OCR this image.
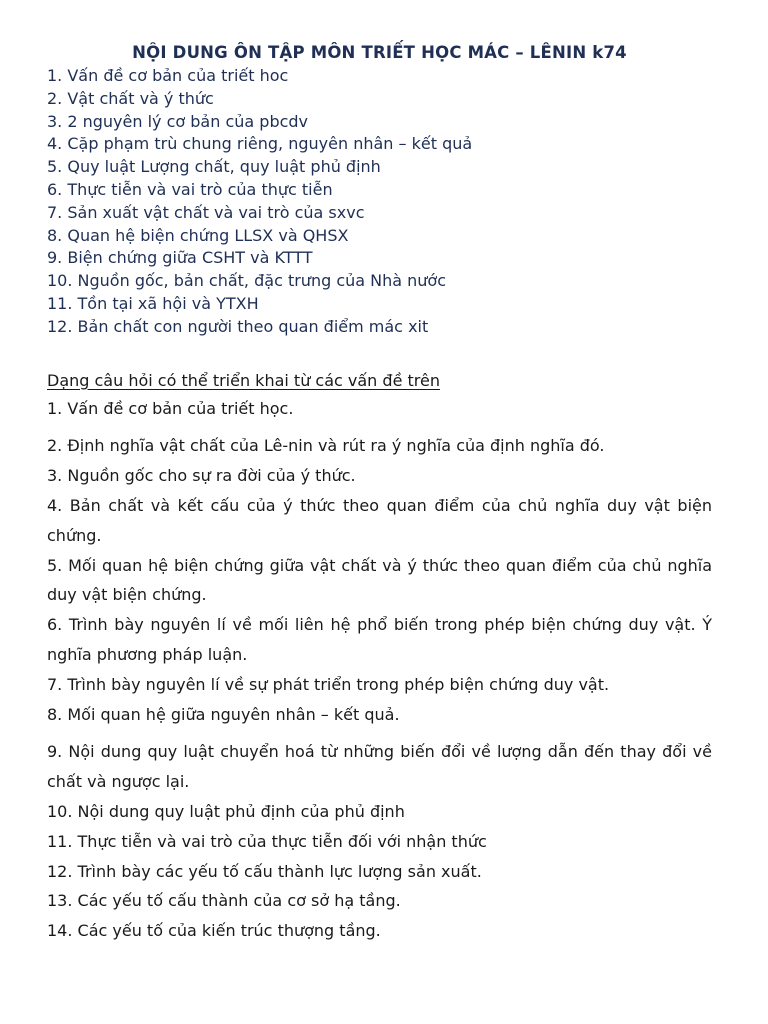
NỘI DUNG ÔN TẬP MÔN TRIẾT HỌC MÁC – LÊNIN k74
1. Vấn đề cơ bản của triết hoc
2. Vật chất và ý thức
3. 2 nguyên lý cơ bản của pbcdv
4. Cặp phạm trù chung riêng, nguyên nhân – kết quả
5. Quy luật Lượng chất, quy luật phủ định
6. Thực tiễn và vai trò của thực tiễn
7. Sản xuất vật chất và vai trò của sxvc
8. Quan hệ biện chứng LLSX và QHSX
9. Biện chứng giữa CSHT và KTTT
10. Nguồn gốc, bản chất, đặc trưng của Nhà nước
11. Tồn tại xã hội và YTXH
12. Bản chất con người theo quan điểm mác xit
Dạng câu hỏi có thể triển khai từ các vấn đề trên

1. Vấn đề cơ bản của triết học.

2. Định nghĩa vật chất của Lê-nin và rút ra ý nghĩa của định nghĩa đó.

3. Nguồn gốc cho sự ra đời của ý thức.

4. Bản chất và kết cấu của ý thức theo quan điểm của chủ nghĩa duy vật biện chứng.

5. Mối quan hệ biện chứng giữa vật chất và ý thức theo quan điểm của chủ nghĩa duy vật biện chứng.

6. Trình bày nguyên lí về mối liên hệ phổ biến trong phép biện chứng duy vật. Ý nghĩa phương pháp luận.

7. Trình bày nguyên lí về sự phát triển trong phép biện chứng duy vật.

8. Mối quan hệ giữa nguyên nhân – kết quả.

9. Nội dung quy luật chuyển hoá từ những biến đổi về lượng dẫn đến thay đổi về chất và ngược lại.

10. Nội dung quy luật phủ định của phủ định

11. Thực tiễn và vai trò của thực tiễn đối với nhận thức

12. Trình bày các yếu tố cấu thành lực lượng sản xuất.

13. Các yếu tố cấu thành của cơ sở hạ tầng.

14. Các yếu tố của kiến trúc thượng tầng.
